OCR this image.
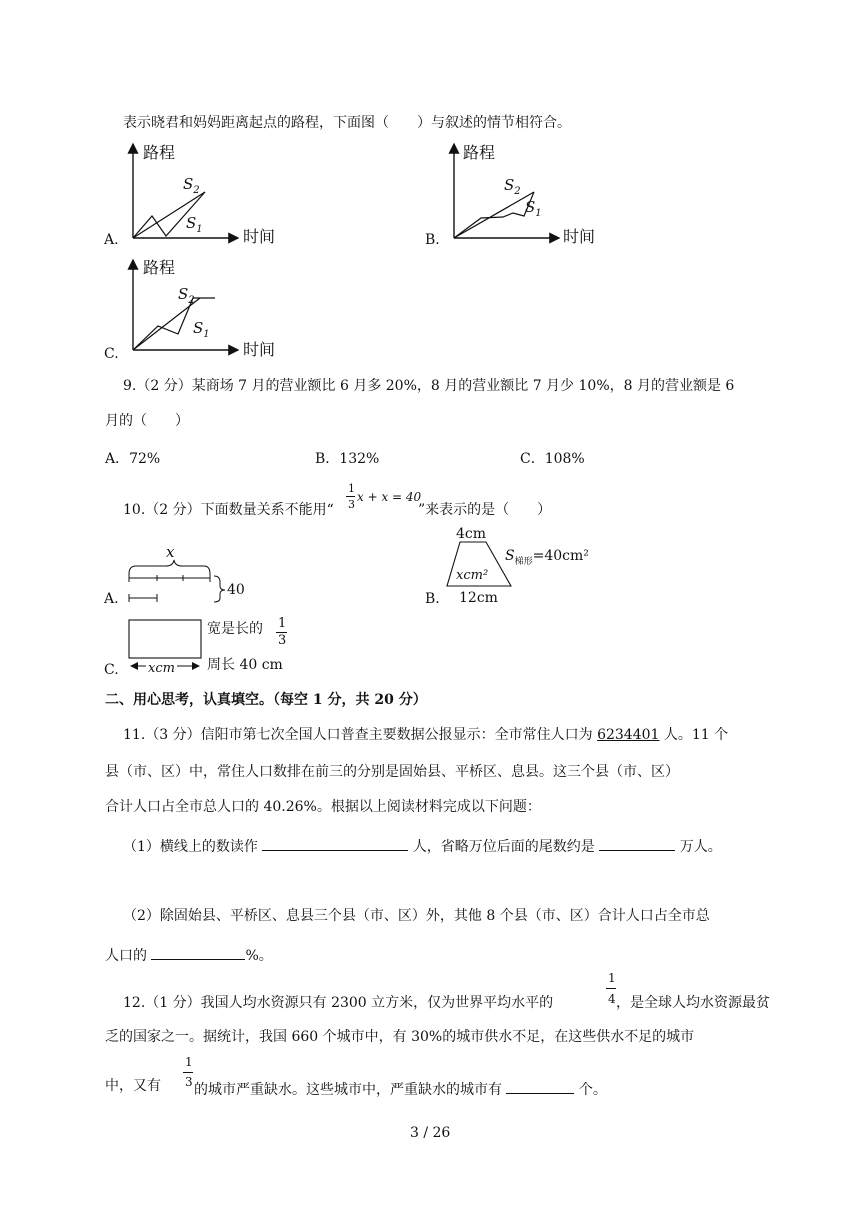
表示晓君和妈妈距离起点的路程，下面图（　　）与叙述的情节相符合。
A.
路程
时间
$S_2$
$S_1$
B.
路程
时间
$S_2$
$S_1$
C.
路程
时间
$S_2$
$S_1$
9.（2 分）某商场 7 月的营业额比 6 月多 20%，8 月的营业额比 7 月少 10%，8 月的营业额是 6
月的（　　）
A．72%	B．132%	C．108%
10.（2 分）下面数量关系不能用“
1
3
x + x = 40
”来表示的是（　　）
A.
x
40
B.
4cm
xcm²
12cm
$S_{梯形}=40cm^2$
C.
宽是长的 1
3
xcm 周长 40 cm
二、用心思考，认真填空。（每空 1 分，共 20 分）
11.（3 分）信阳市第七次全国人口普查主要数据公报显示：全市常住人口为 6234401 人。11 个
县（市、区）中，常住人口数排在前三的分别是固始县、平桥区、息县。这三个县（市、区）
合计人口占全市总人口的 40.26%。根据以上阅读材料完成以下问题：
（1）横线上的数读作	人，省略万位后面的尾数约是	万人。
（2）除固始县、平桥区、息县三个县（市、区）外，其他 8 个县（市、区）合计人口占全市总
人口的	%。
12.（1 分）我国人均水资源只有 2300 立方米，仅为世界平均水平的
1
4 ，是全球人均水资源最贫
乏的国家之一。据统计，我国 660 个城市中，有 30%的城市供水不足，在这些供水不足的城市
中，又有
1
3 的城市严重缺水。这些城市中，严重缺水的城市有	个。
3 / 26
